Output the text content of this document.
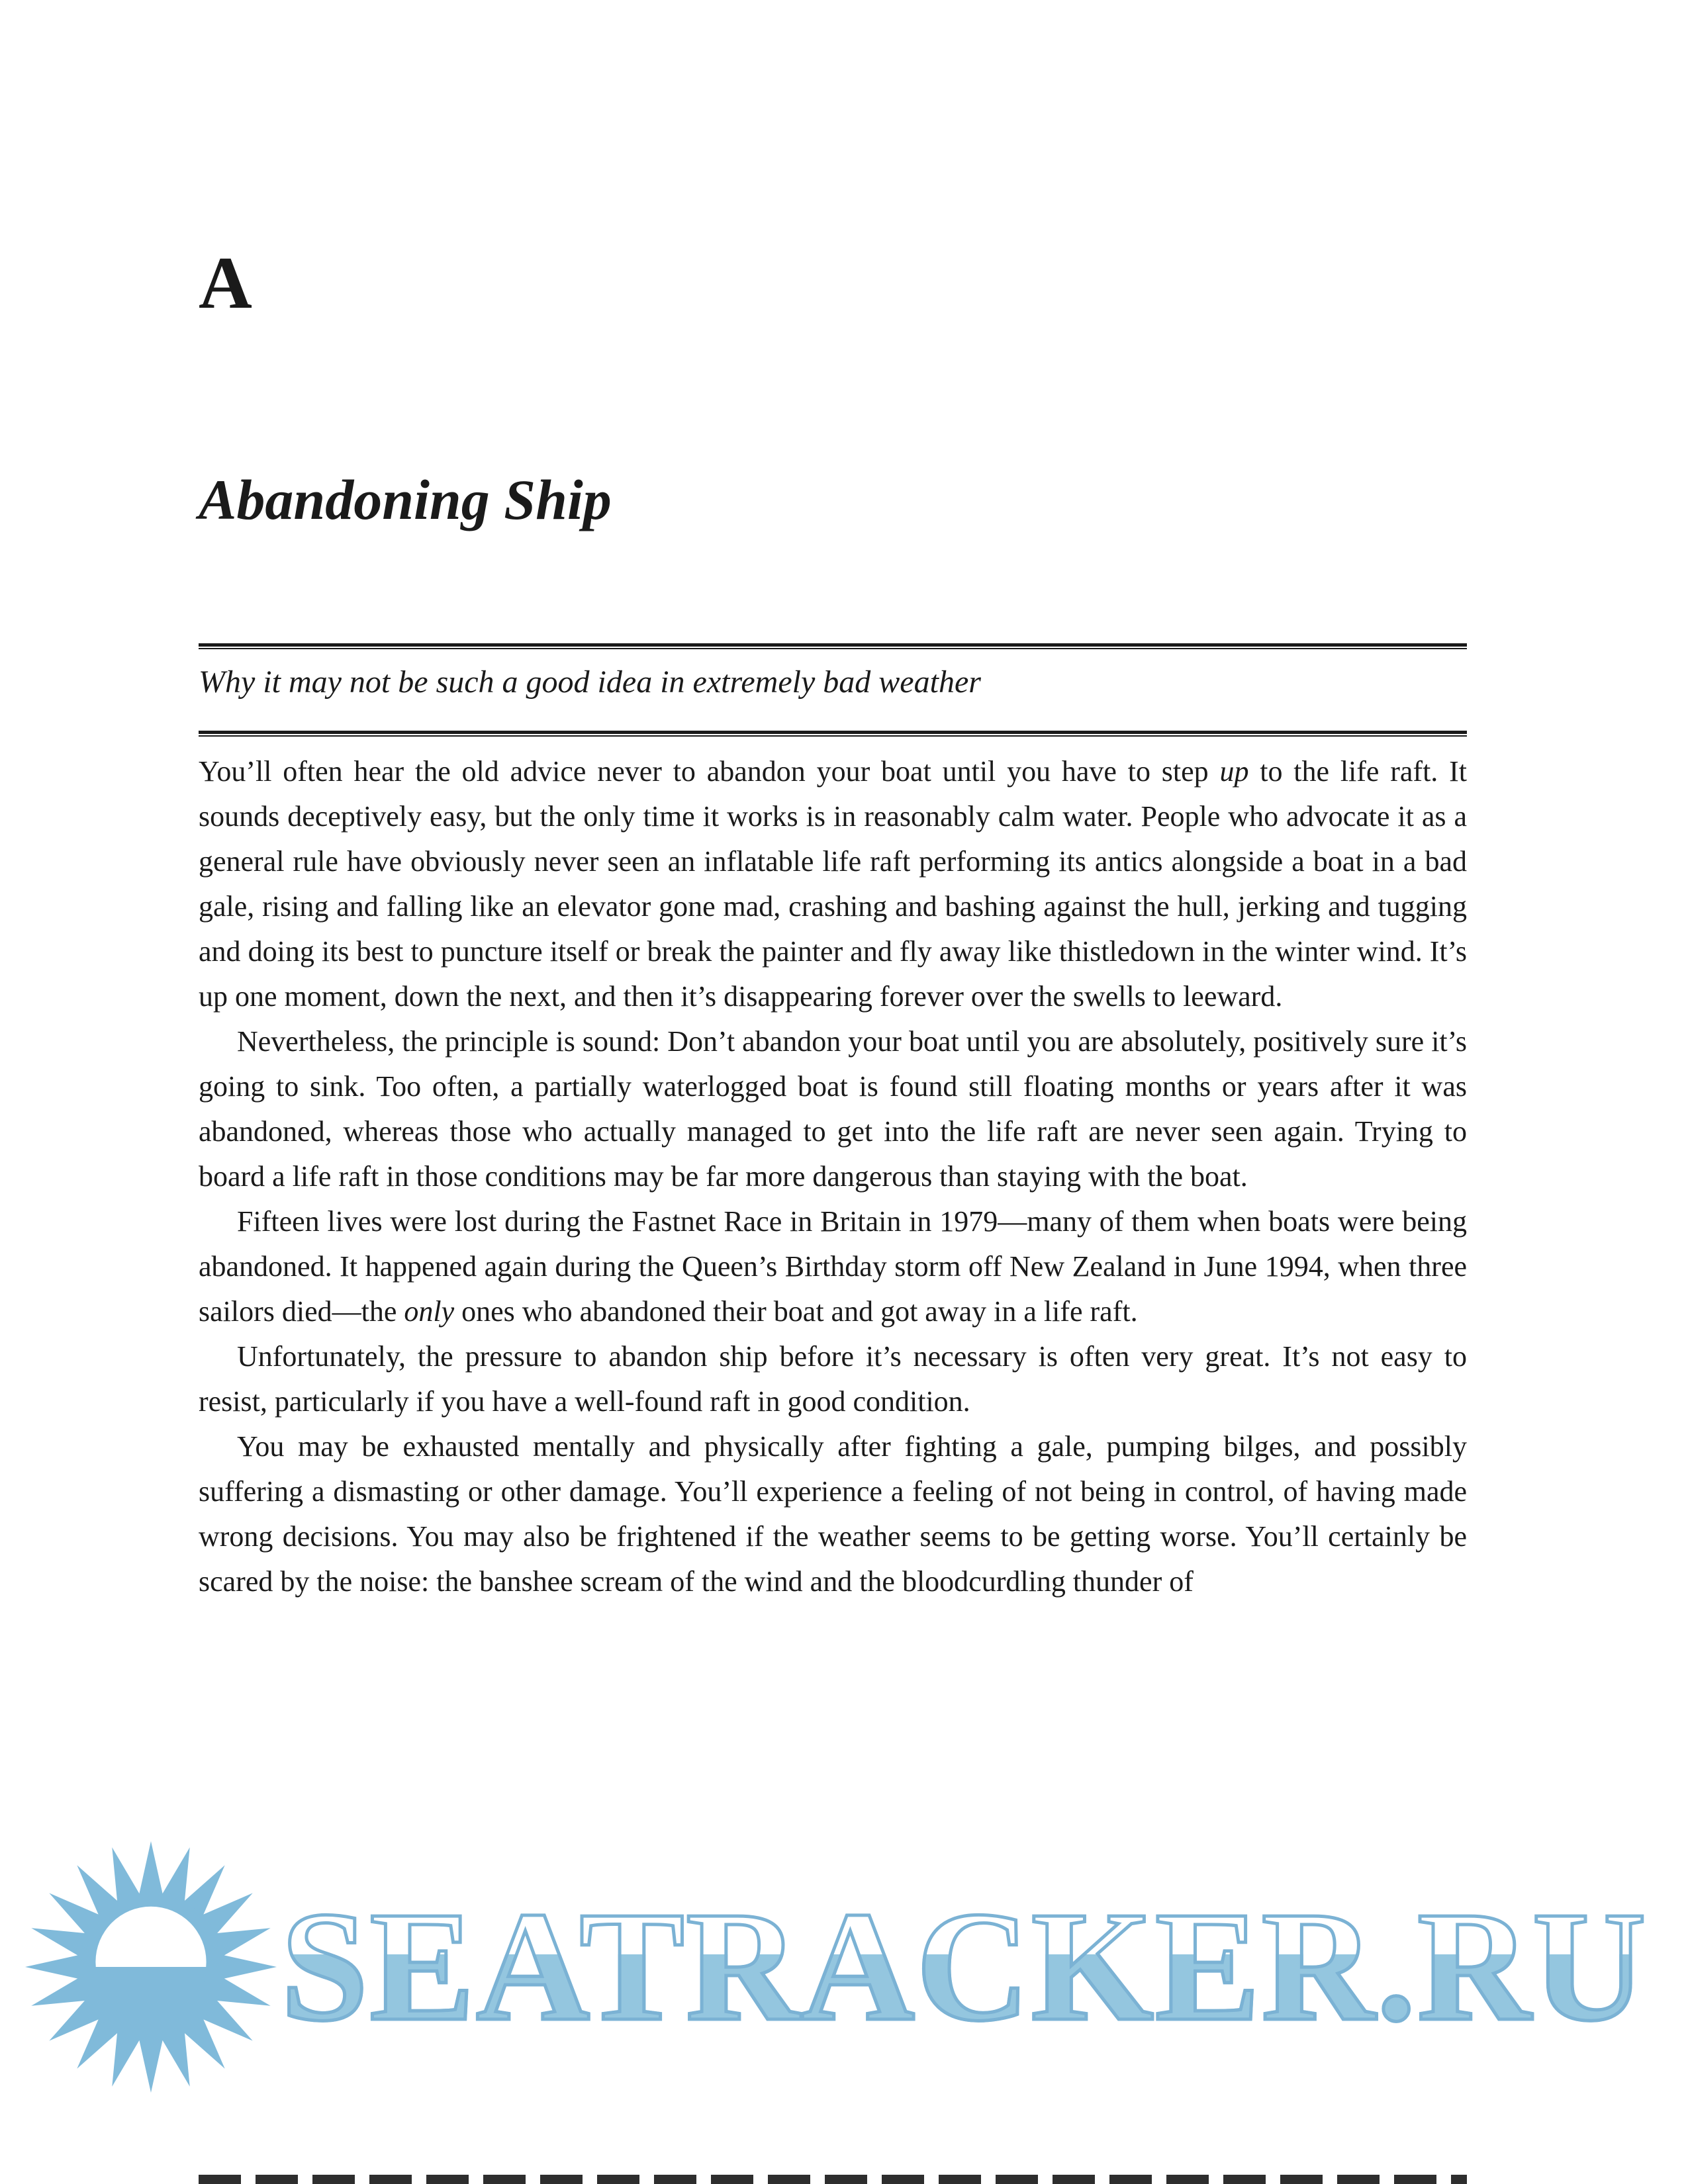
A
Abandoning Ship
Why it may not be such a good idea in extremely bad weather

You’ll often hear the old advice never to abandon your boat until you have to step up to the life raft. It sounds deceptively easy, but the only time it works is in reasonably calm water. People who advocate it as a general rule have obviously never seen an inflatable life raft performing its antics alongside a boat in a bad gale, rising and falling like an elevator gone mad, crashing and bashing against the hull, jerking and tugging and doing its best to puncture itself or break the painter and fly away like thistledown in the winter wind. It’s up one moment, down the next, and then it’s disappearing forever over the swells to leeward.

Nevertheless, the principle is sound: Don’t abandon your boat until you are absolutely, positively sure it’s going to sink. Too often, a partially waterlogged boat is found still floating months or years after it was abandoned, whereas those who actually managed to get into the life raft are never seen again. Trying to board a life raft in those conditions may be far more dangerous than staying with the boat.

Fifteen lives were lost during the Fastnet Race in Britain in 1979—many of them when boats were being abandoned. It happened again during the Queen’s Birthday storm off New Zealand in June 1994, when three sailors died—the only ones who abandoned their boat and got away in a life raft.

Unfortunately, the pressure to abandon ship before it’s necessary is often very great. It’s not easy to resist, particularly if you have a well-found raft in good condition.

You may be exhausted mentally and physically after fighting a gale, pumping bilges, and possibly suffering a dismasting or other damage. You’ll experience a feeling of not being in control, of having made wrong decisions. You may also be frightened if the weather seems to be getting worse. You’ll certainly be scared by the noise: the banshee scream of the wind and the bloodcurdling thunder of

SEATRACKER.RU
